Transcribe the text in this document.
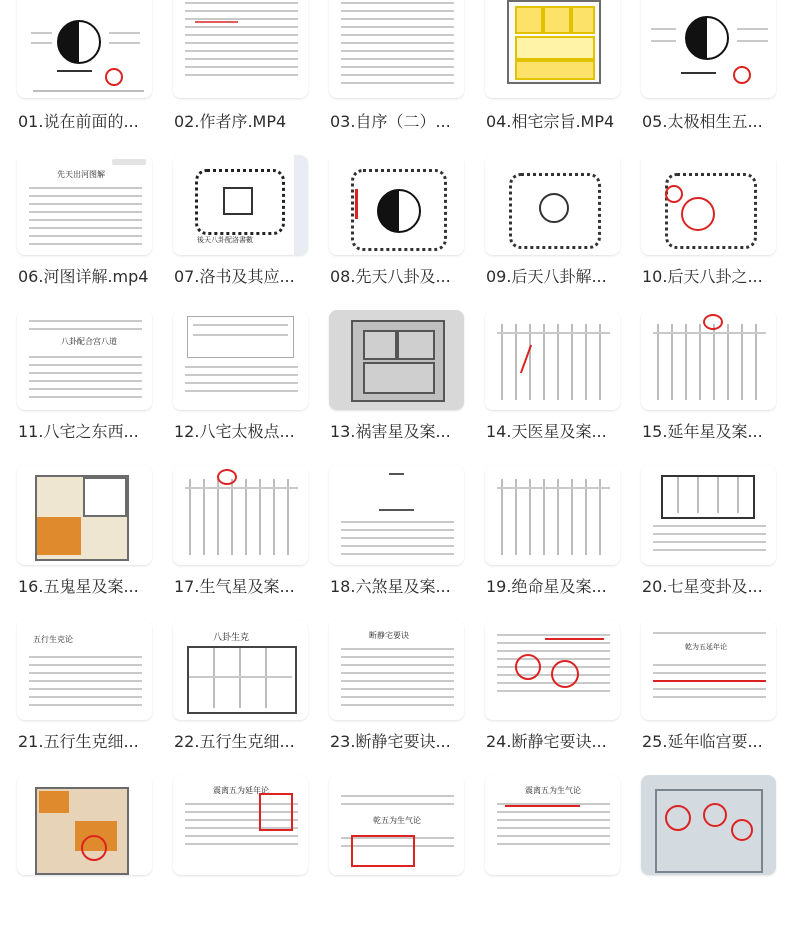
01.说在前面的...	02.作者序.MP4	03.自序（二）...	04.相宅宗旨.MP4	05.太极相生五...
先天出河图解
06.河图详解.mp4
後天八卦配洛書數
07.洛书及其应...	08.先天八卦及...	09.后天八卦解...	10.后天八卦之...
八卦配合宫八道
11.八宅之东西...	12.八宅太极点...	13.祸害星及案...	14.天医星及案...	15.延年星及案...
16.五鬼星及案...	17.生气星及案...	18.六煞星及案...	19.绝命星及案...	20.七星变卦及...
五行生克论
21.五行生克细...
八卦生克
22.五行生克细...
断静宅要诀
23.断静宅要诀...	24.断静宅要诀...
乾为五延年论
25.延年临宫要...
震离五为延年论
乾五为生气论
震离五为生气论
